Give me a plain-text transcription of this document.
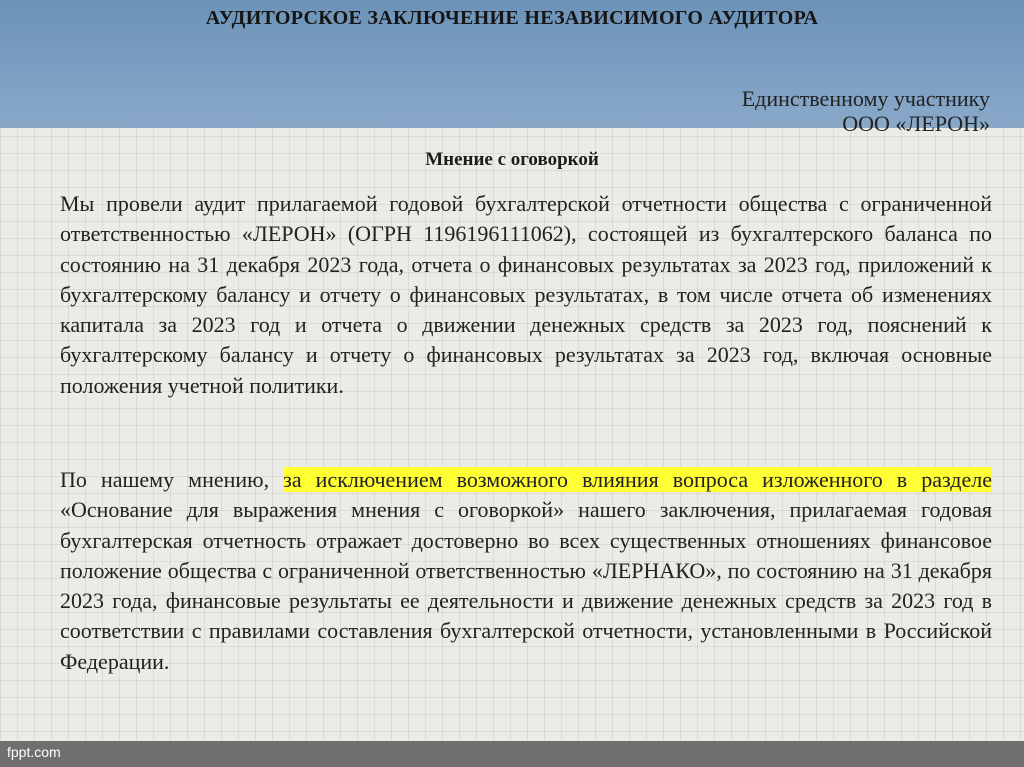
АУДИТОРСКОЕ ЗАКЛЮЧЕНИЕ НЕЗАВИСИМОГО АУДИТОРА
Единственному участнику
ООО «ЛЕРОН»
Мнение с оговоркой

Мы провели аудит прилагаемой годовой бухгалтерской отчетности общества с ограниченной ответственностью «ЛЕРОН» (ОГРН 1196196111062), состоящей из бухгалтерского баланса по состоянию на 31 декабря 2023 года, отчета о финансовых результатах за 2023 год, приложений к бухгалтерскому балансу и отчету о финансовых результатах, в том числе отчета об изменениях капитала за 2023 год и отчета о движении денежных средств за 2023 год, пояснений к бухгалтерскому балансу и отчету о финансовых результатах за 2023 год, включая основные положения учетной политики.

По нашему мнению, за исключением возможного влияния вопроса изложенного в разделе «Основание для выражения мнения с оговоркой» нашего заключения, прилагаемая годовая бухгалтерская отчетность отражает достоверно во всех существенных отношениях финансовое положение общества с ограниченной ответственностью «ЛЕРНАКО», по состоянию на 31 декабря 2023 года, финансовые результаты ее деятельности и движение денежных средств за 2023 год в соответствии с правилами составления бухгалтерской отчетности, установленными в Российской Федерации.

fppt.com
